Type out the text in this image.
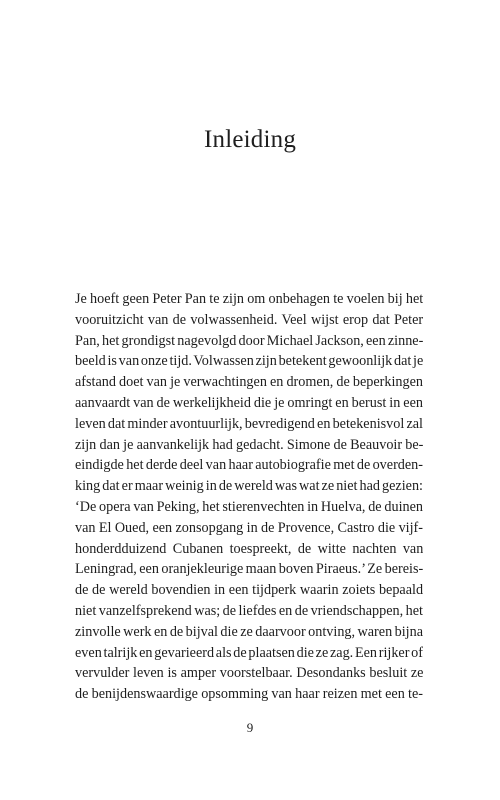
Inleiding
Je hoeft geen Peter Pan te zijn om onbehagen te voelen bij het
vooruitzicht van de volwassenheid. Veel wijst erop dat Peter
Pan, het grondigst nagevolgd door Michael Jackson, een zinne-
beeld is van onze tijd. Volwassen zijn betekent gewoonlijk dat je
afstand doet van je verwachtingen en dromen, de beperkingen
aanvaardt van de werkelijkheid die je omringt en berust in een
leven dat minder avontuurlijk, bevredigend en betekenisvol zal
zijn dan je aanvankelijk had gedacht. Simone de Beauvoir be-
eindigde het derde deel van haar autobiografie met de overden-
king dat er maar weinig in de wereld was wat ze niet had gezien:
‘De opera van Peking, het stierenvechten in Huelva, de duinen
van El Oued, een zonsopgang in de Provence, Castro die vijf-
honderdduizend Cubanen toespreekt, de witte nachten van
Leningrad, een oranjekleurige maan boven Piraeus.’ Ze bereis-
de de wereld bovendien in een tijdperk waarin zoiets bepaald
niet vanzelfsprekend was; de liefdes en de vriendschappen, het
zinvolle werk en de bijval die ze daarvoor ontving, waren bijna
even talrijk en gevarieerd als de plaatsen die ze zag. Een rijker of
vervulder leven is amper voorstelbaar. Desondanks besluit ze
de benijdenswaardige opsomming van haar reizen met een te-
9
